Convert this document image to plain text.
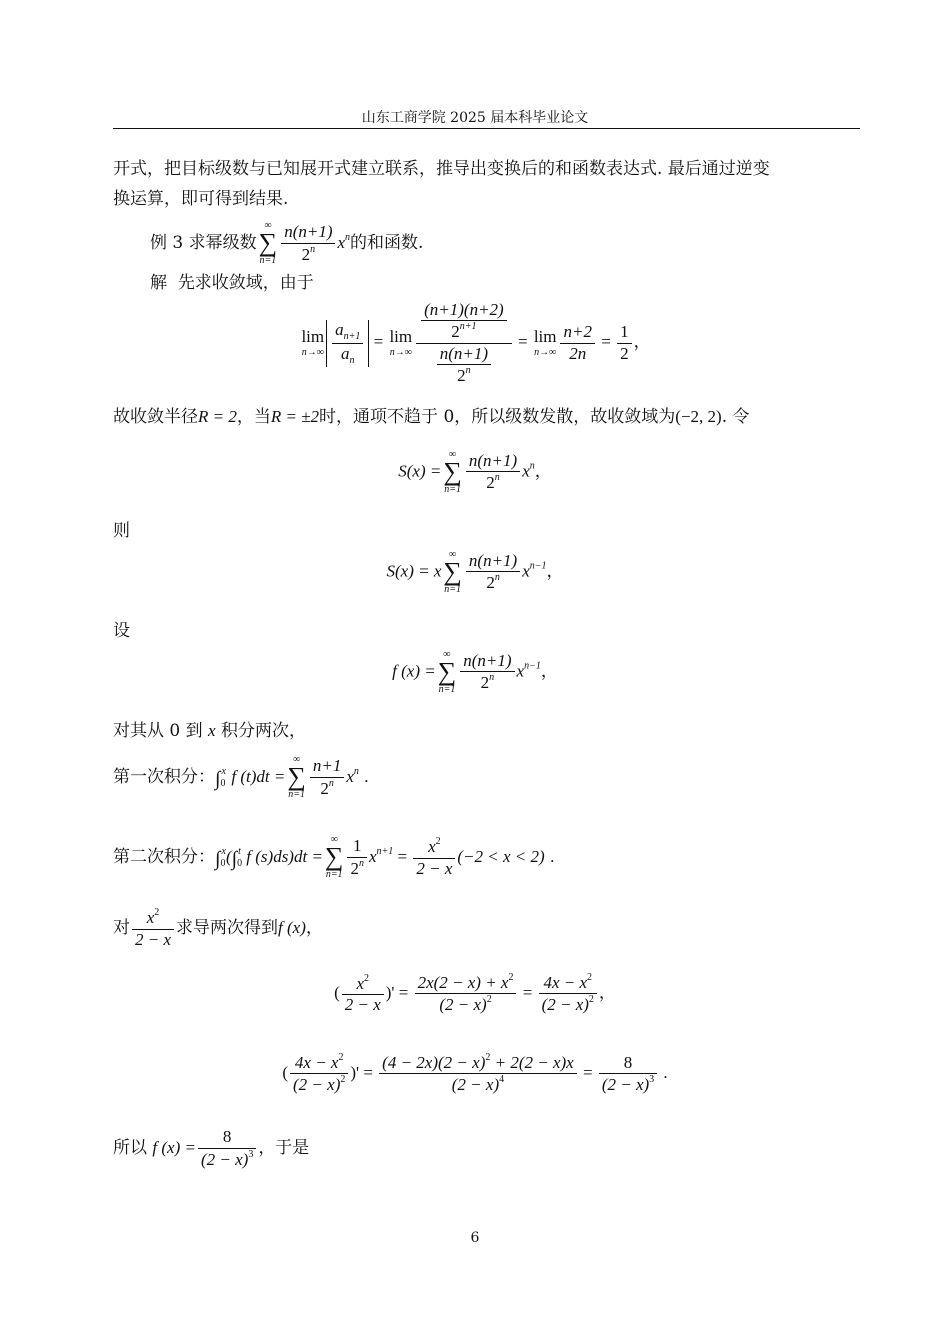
山东工商学院 2025 届本科毕业论文
开式，把目标级数与已知展开式建立联系，推导出变换后的和函数表达式. 最后通过逆变
换运算，即可得到结果.
例 3 求幂级数
∞
∑
$n=1 \frac{n(n+1)}{2^n} x^n$的和函数.
解 先求收敛域，由于
lim
$n\to\infty \frac{a_{n+1}}{a_n} = \lim$
$n\to\infty \frac{\frac{(n+1)(n+2)}{2^{n+1}}}{\frac{n(n+1)}{2^n}} = \lim$
$n\to\infty \frac{n+2}{2n} = \frac{1}{2}$ ，
故收敛半径R = 2，当R = ±2时，通项不趋于 0，所以级数发散，故收敛域为(−2, 2). 令
S(x) =
∞
∑
$n=1 \frac{n(n+1)}{2^n} x^n$，
则
S(x) = x
∞
∑
$n=1 \frac{n(n+1)}{2^n} x^{n-1}$，
设
f (x) =
∞
∑
$n=1 \frac{n(n+1)}{2^n} x^{n-1}$，
对其从 0 到 x 积分两次，
第一次积分：$\int_0^x$ f (t)dt =
∞
∑
$n=1 \frac{n+1}{2^n} x^n$ .
第二次积分：$\int_0^x(\int_0^t$ f (s)ds)dt =
∞
∑
$n=1 \frac{1}{2^n} x^{n+1} = \frac{x^2}{2 - x} (-2 < x < 2)$ .
对 $\frac{x^2}{2 - x}$ 求导两次得到f (x)，
( $\frac{x^2}{2 - x}$ )' = $\frac{2x(2 - x) + x^2}{(2 - x)^2} = \frac{4x - x^2}{(2 - x)^2}$ ，
( $\frac{4x - x^2}{(2 - x)^2}$ )' = $\frac{(4 - 2x)(2 - x)^2 + 2(2 - x)x}{(2 - x)^4} = \frac{8}{(2 - x)^3}$ .
所以 f $(x) = \frac{8}{(2 - x)^3}$ ，于是
6
